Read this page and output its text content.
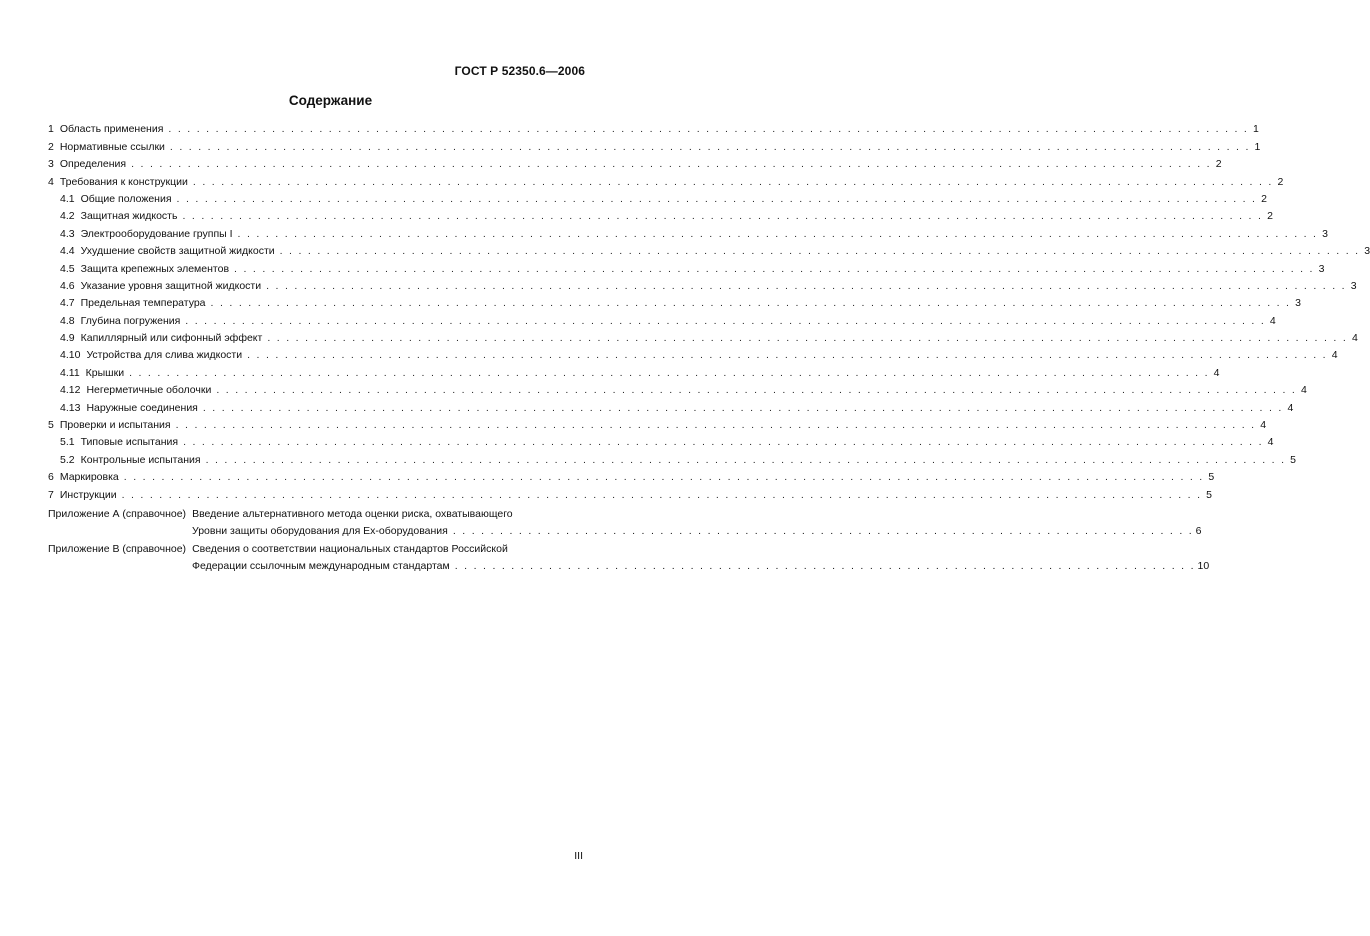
ГОСТ Р 52350.6—2006
Содержание
1 Область применения . . .	1
2 Нормативные ссылки . . .	1
3 Определения . . .	2
4 Требования к конструкции . . .	2
4.1 Общие положения . . .	2
4.2 Защитная жидкость . . .	2
4.3 Электрооборудование группы I . . .	3
4.4 Ухудшение свойств защитной жидкости . . .	3
4.5 Защита крепежных элементов . . .	3
4.6 Указание уровня защитной жидкости . . .	3
4.7 Предельная температура . . .	3
4.8 Глубина погружения . . .	4
4.9 Капиллярный или сифонный эффект . . .	4
4.10 Устройства для слива жидкости . . .	4
4.11 Крышки . . .	4
4.12 Негерметичные оболочки . . .	4
4.13 Наружные соединения . . .	4
5 Проверки и испытания . . .	4
5.1 Типовые испытания . . .	4
5.2 Контрольные испытания . . .	5
6 Маркировка . . .	5
7 Инструкции . . .	5
Приложение А (справочное) Введение альтернативного метода оценки риска, охватывающего
Уровни защиты оборудования для Ex-оборудования . . .	6
Приложение В (справочное) Сведения о соответствии национальных стандартов Российской
Федерации ссылочным международным стандартам . . .	10
III
